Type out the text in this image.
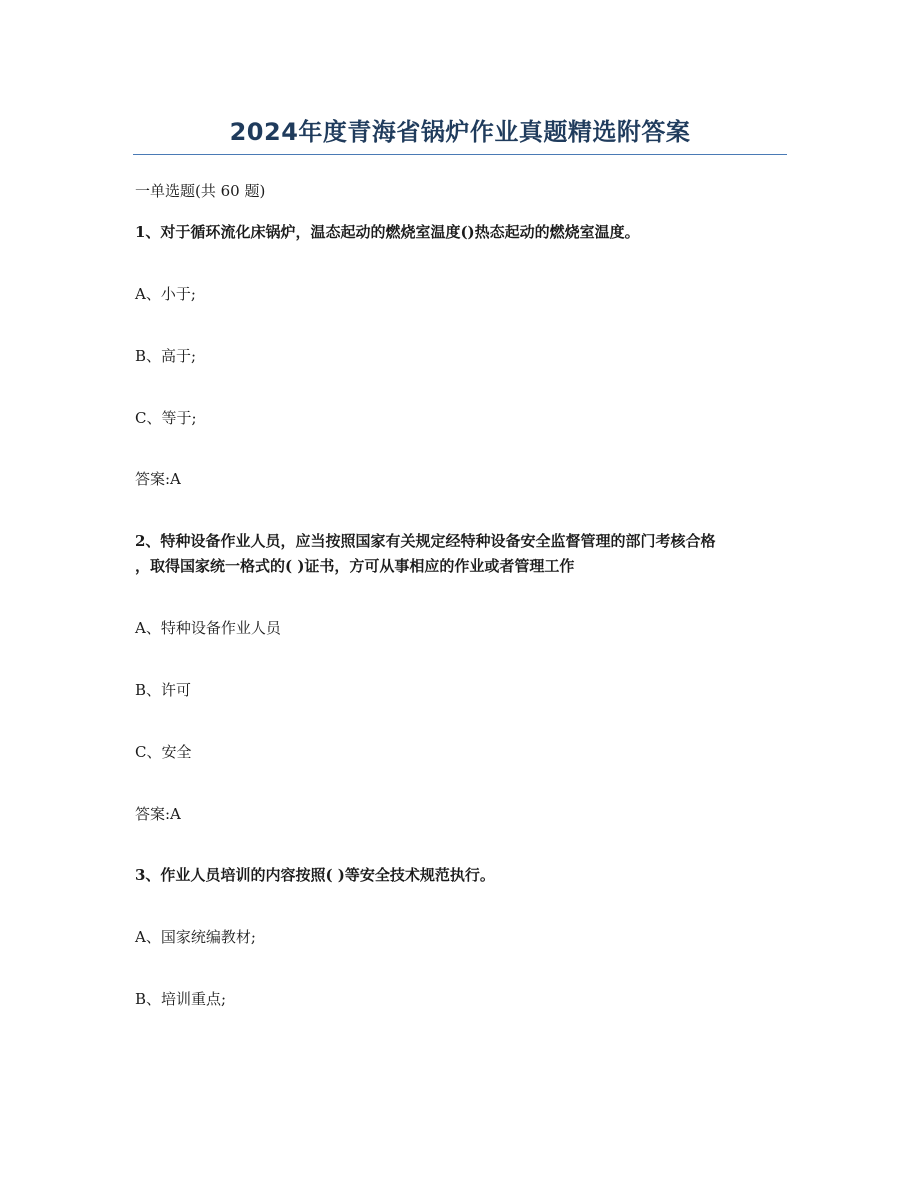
2024年度青海省锅炉作业真题精选附答案
一单选题(共 60 题)
1、对于循环流化床锅炉，温态起动的燃烧室温度()热态起动的燃烧室温度。
A、小于;
B、高于;
C、等于;
答案:A
2、特种设备作业人员，应当按照国家有关规定经特种设备安全监督管理的部门考核合格
，取得国家统一格式的( )证书，方可从事相应的作业或者管理工作
A、特种设备作业人员
B、许可
C、安全
答案:A
3、作业人员培训的内容按照( )等安全技术规范执行。
A、国家统编教材;
B、培训重点;
